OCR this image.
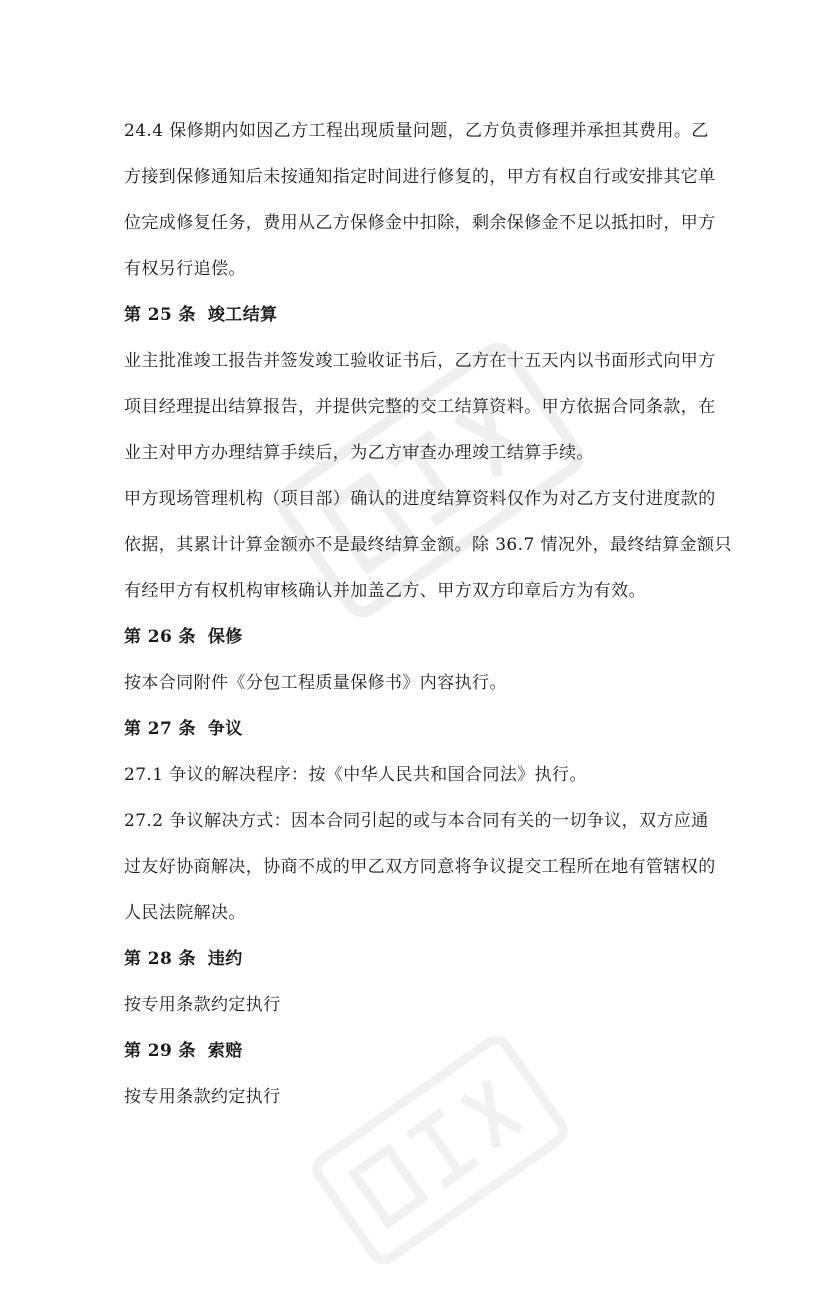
24.4 保修期内如因乙方工程出现质量问题，乙方负责修理并承担其费用。乙
方接到保修通知后未按通知指定时间进行修复的，甲方有权自行或安排其它单
位完成修复任务，费用从乙方保修金中扣除，剩余保修金不足以抵扣时，甲方
有权另行追偿。

第 25 条 竣工结算

业主批准竣工报告并签发竣工验收证书后，乙方在十五天内以书面形式向甲方
项目经理提出结算报告，并提供完整的交工结算资料。甲方依据合同条款，在
业主对甲方办理结算手续后，为乙方审查办理竣工结算手续。

甲方现场管理机构（项目部）确认的进度结算资料仅作为对乙方支付进度款的
依据，其累计计算金额亦不是最终结算金额。除 36.7 情况外，最终结算金额只
有经甲方有权机构审核确认并加盖乙方、甲方双方印章后方为有效。

第 26 条 保修

按本合同附件《分包工程质量保修书》内容执行。

第 27 条 争议

27.1 争议的解决程序：按《中华人民共和国合同法》执行。

27.2 争议解决方式：因本合同引起的或与本合同有关的一切争议，双方应通
过友好协商解决，协商不成的甲乙双方同意将争议提交工程所在地有管辖权的
人民法院解决。

第 28 条 违约

按专用条款约定执行

第 29 条 索赔

按专用条款约定执行
